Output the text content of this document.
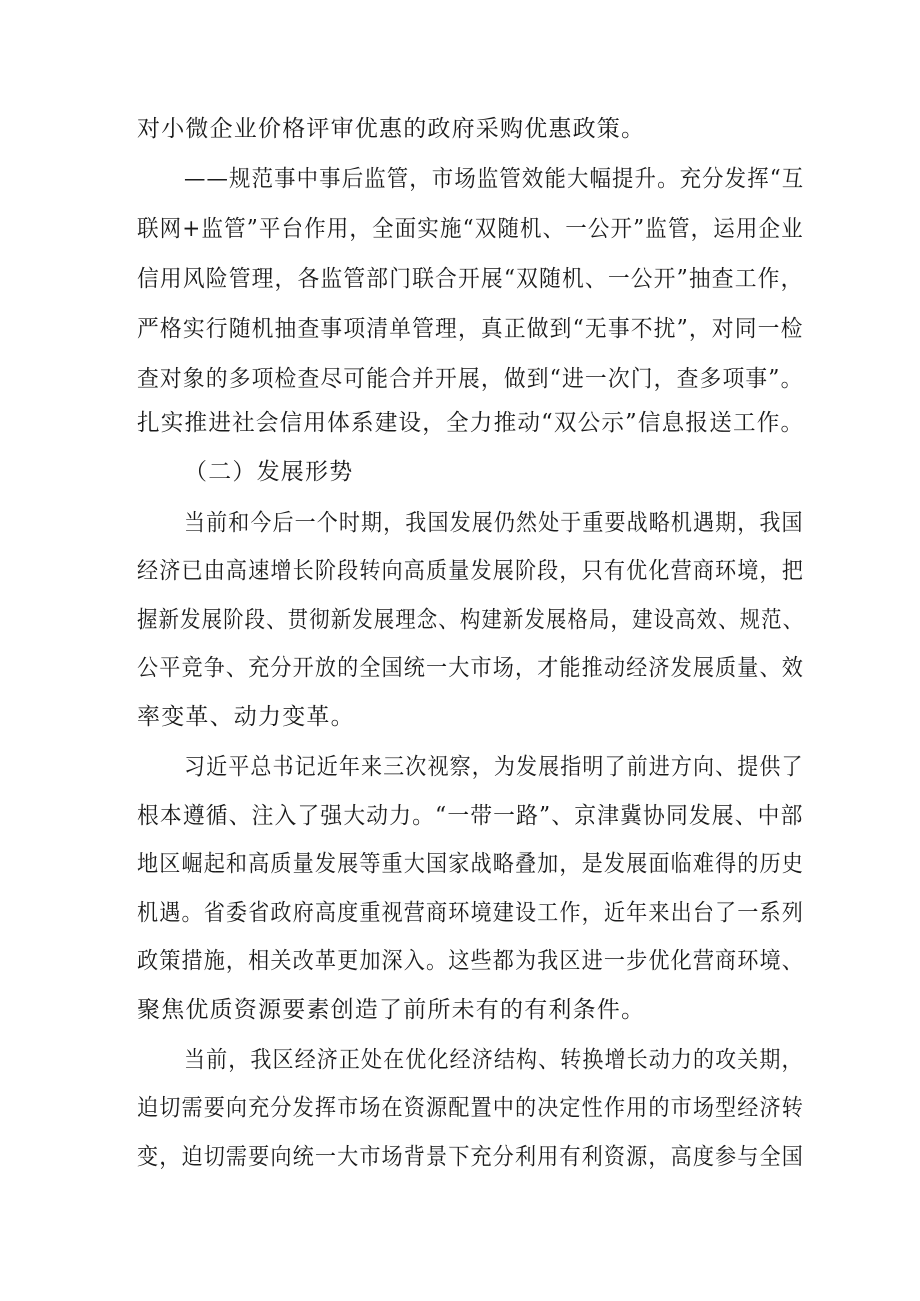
对小微企业价格评审优惠的政府采购优惠政策。
——规范事中事后监管，市场监管效能大幅提升。充分发挥“互
联网+监管”平台作用，全面实施“双随机、一公开”监管，运用企业
信用风险管理，各监管部门联合开展“双随机、一公开”抽查工作，
严格实行随机抽查事项清单管理，真正做到“无事不扰”，对同一检
查对象的多项检查尽可能合并开展，做到“进一次门，查多项事”。
扎实推进社会信用体系建设，全力推动“双公示”信息报送工作。
（二）发展形势
当前和今后一个时期，我国发展仍然处于重要战略机遇期，我国
经济已由高速增长阶段转向高质量发展阶段，只有优化营商环境，把
握新发展阶段、贯彻新发展理念、构建新发展格局，建设高效、规范、
公平竞争、充分开放的全国统一大市场，才能推动经济发展质量、效
率变革、动力变革。
习近平总书记近年来三次视察，为发展指明了前进方向、提供了
根本遵循、注入了强大动力。“一带一路”、京津冀协同发展、中部
地区崛起和高质量发展等重大国家战略叠加，是发展面临难得的历史
机遇。省委省政府高度重视营商环境建设工作，近年来出台了一系列
政策措施，相关改革更加深入。这些都为我区进一步优化营商环境、
聚焦优质资源要素创造了前所未有的有利条件。
当前，我区经济正处在优化经济结构、转换增长动力的攻关期，
迫切需要向充分发挥市场在资源配置中的决定性作用的市场型经济转
变，迫切需要向统一大市场背景下充分利用有利资源，高度参与全国
